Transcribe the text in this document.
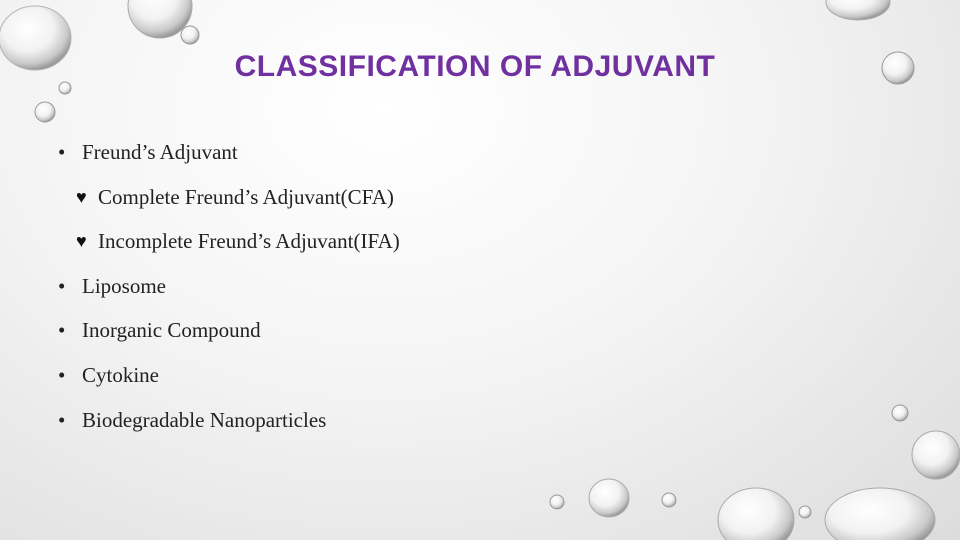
CLASSIFICATION OF ADJUVANT
• Freund’s Adjuvant
♥ Complete Freund’s Adjuvant(CFA)
♥ Incomplete Freund’s Adjuvant(IFA)
• Liposome
• Inorganic Compound
• Cytokine
• Biodegradable Nanoparticles
